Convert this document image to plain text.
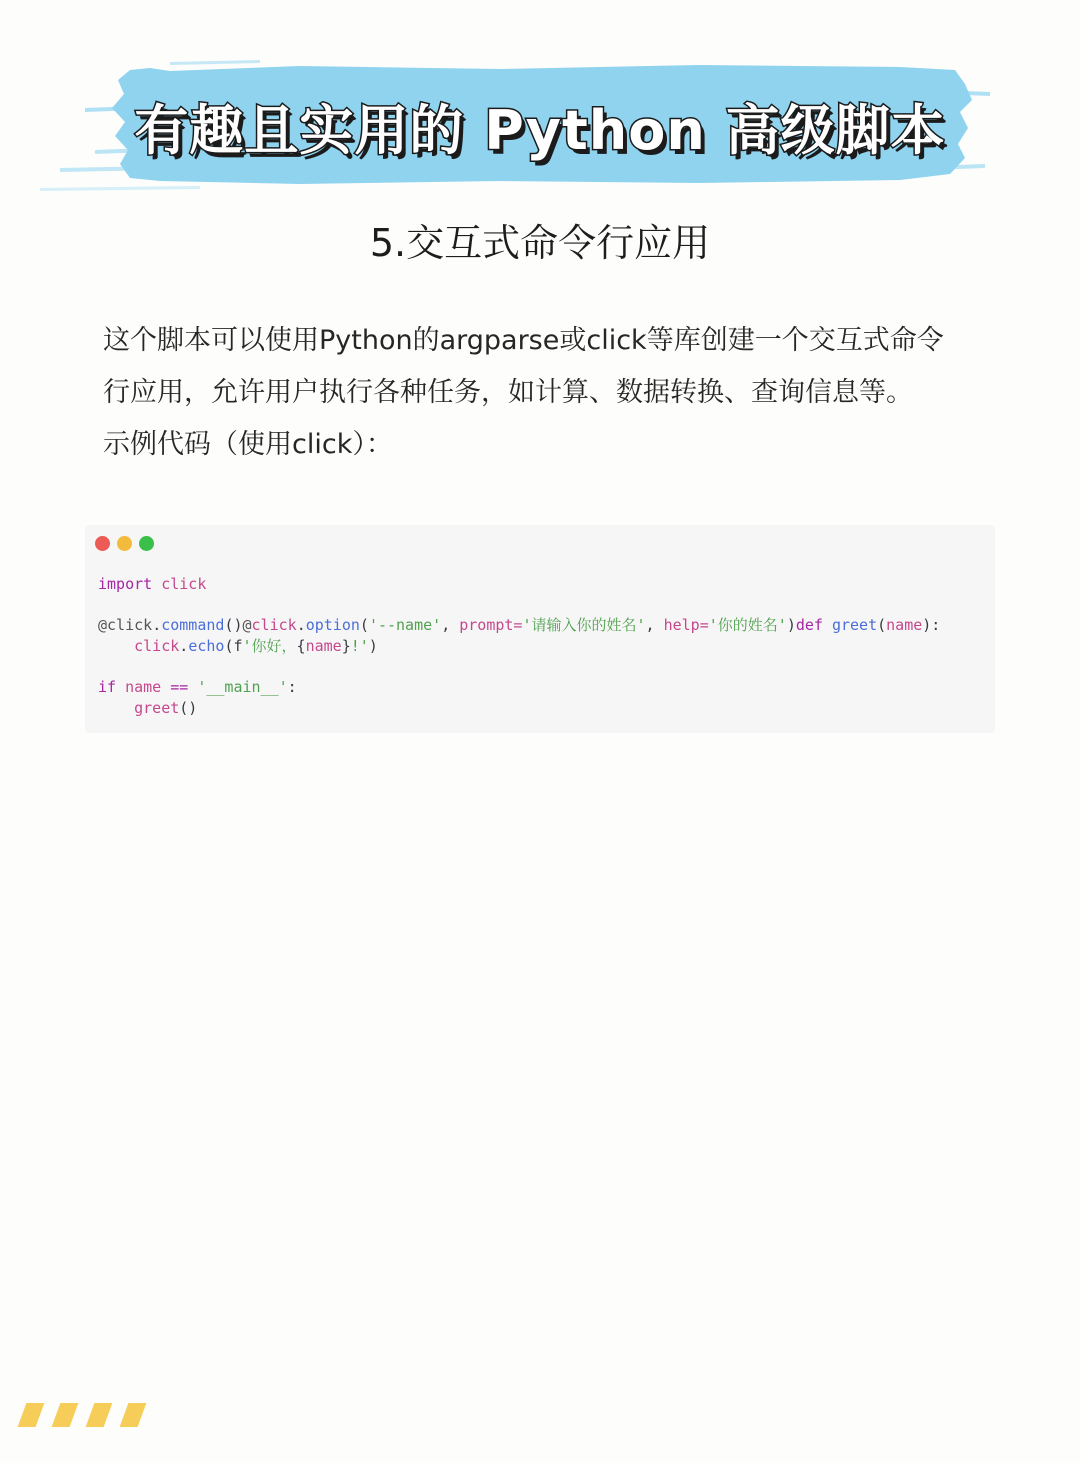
有趣且实用的 Python 高级脚本
5.交互式命令行应用
这个脚本可以使用Python的argparse或click等库创建一个交互式命令
行应用，允许用户执行各种任务，如计算、数据转换、查询信息等。
示例代码（使用click）：
import click
@click.command()@click.option('--name', prompt='请输入你的姓名', help='你的姓名')def greet(name):
click.echo(f'你好，{name}!')
if name == '__main__':
greet()
